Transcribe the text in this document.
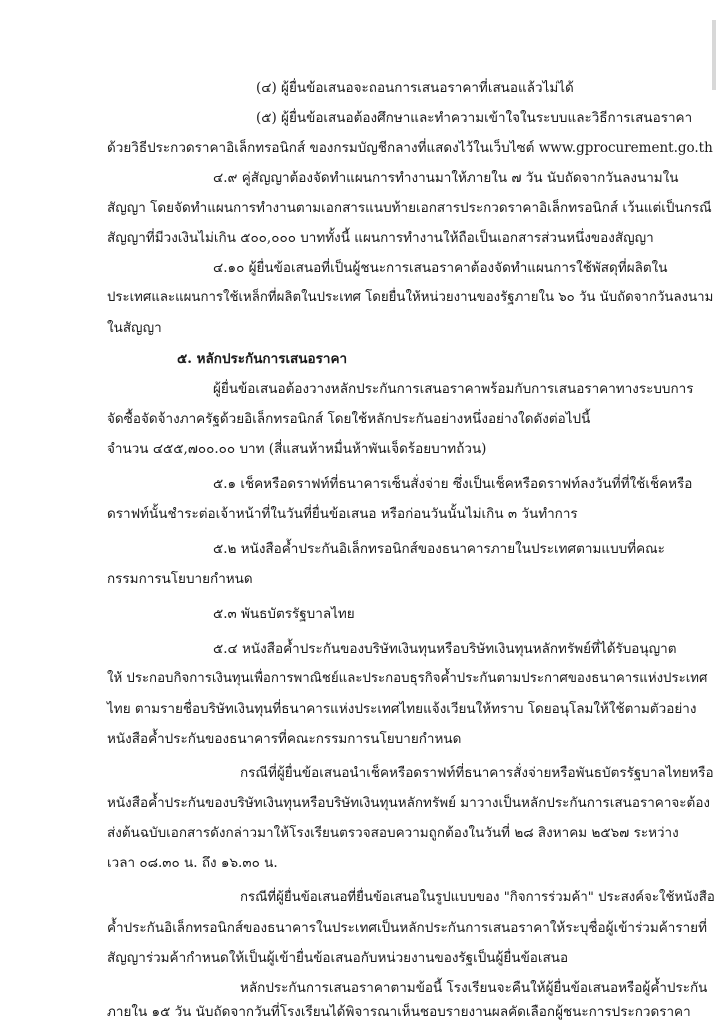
(๔) ผู้ยื่นข้อเสนอจะถอนการเสนอราคาที่เสนอแล้วไม่ได้
(๕) ผู้ยื่นข้อเสนอต้องศึกษาและทำความเข้าใจในระบบและวิธีการเสนอราคา
ด้วยวิธีประกวดราคาอิเล็กทรอนิกส์ ของกรมบัญชีกลางที่แสดงไว้ในเว็บไซต์ www.gprocurement.go.th
๔.๙ คู่สัญญาต้องจัดทำแผนการทำงานมาให้ภายใน ๗ วัน นับถัดจากวันลงนามใน
สัญญา โดยจัดทำแผนการทำงานตามเอกสารแนบท้ายเอกสารประกวดราคาอิเล็กทรอนิกส์ เว้นแต่เป็นกรณี
สัญญาที่มีวงเงินไม่เกิน ๕๐๐,๐๐๐ บาททั้งนี้ แผนการทำงานให้ถือเป็นเอกสารส่วนหนึ่งของสัญญา
๔.๑๐ ผู้ยื่นข้อเสนอที่เป็นผู้ชนะการเสนอราคาต้องจัดทำแผนการใช้พัสดุที่ผลิตใน
ประเทศและแผนการใช้เหล็กที่ผลิตในประเทศ โดยยื่นให้หน่วยงานของรัฐภายใน ๖๐ วัน นับถัดจากวันลงนาม
ในสัญญา
๕. หลักประกันการเสนอราคา
ผู้ยื่นข้อเสนอต้องวางหลักประกันการเสนอราคาพร้อมกับการเสนอราคาทางระบบการ
จัดซื้อจัดจ้างภาครัฐด้วยอิเล็กทรอนิกส์ โดยใช้หลักประกันอย่างหนึ่งอย่างใดดังต่อไปนี้
จำนวน ๔๕๕,๗๐๐.๐๐ บาท (สี่แสนห้าหมื่นห้าพันเจ็ดร้อยบาทถ้วน)
๕.๑ เช็คหรือดราฟท์ที่ธนาคารเซ็นสั่งจ่าย ซึ่งเป็นเช็คหรือดราฟท์ลงวันที่ที่ใช้เช็คหรือ
ดราฟท์นั้นชำระต่อเจ้าหน้าที่ในวันที่ยื่นข้อเสนอ หรือก่อนวันนั้นไม่เกิน ๓ วันทำการ
๕.๒ หนังสือค้ำประกันอิเล็กทรอนิกส์ของธนาคารภายในประเทศตามแบบที่คณะ
กรรมการนโยบายกำหนด
๕.๓ พันธบัตรรัฐบาลไทย
๕.๔ หนังสือค้ำประกันของบริษัทเงินทุนหรือบริษัทเงินทุนหลักทรัพย์ที่ได้รับอนุญาต
ให้ ประกอบกิจการเงินทุนเพื่อการพาณิชย์และประกอบธุรกิจค้ำประกันตามประกาศของธนาคารแห่งประเทศ
ไทย ตามรายชื่อบริษัทเงินทุนที่ธนาคารแห่งประเทศไทยแจ้งเวียนให้ทราบ โดยอนุโลมให้ใช้ตามตัวอย่าง
หนังสือค้ำประกันของธนาคารที่คณะกรรมการนโยบายกำหนด
กรณีที่ผู้ยื่นข้อเสนอนำเช็คหรือดราฟท์ที่ธนาคารสั่งจ่ายหรือพันธบัตรรัฐบาลไทยหรือ
หนังสือค้ำประกันของบริษัทเงินทุนหรือบริษัทเงินทุนหลักทรัพย์ มาวางเป็นหลักประกันการเสนอราคาจะต้อง
ส่งต้นฉบับเอกสารดังกล่าวมาให้โรงเรียนตรวจสอบความถูกต้องในวันที่ ๒๘ สิงหาคม ๒๕๖๗ ระหว่าง
เวลา ๐๘.๓๐ น. ถึง ๑๖.๓๐ น.
กรณีที่ผู้ยื่นข้อเสนอที่ยื่นข้อเสนอในรูปแบบของ "กิจการร่วมค้า" ประสงค์จะใช้หนังสือ
ค้ำประกันอิเล็กทรอนิกส์ของธนาคารในประเทศเป็นหลักประกันการเสนอราคาให้ระบุชื่อผู้เข้าร่วมค้ารายที่
สัญญาร่วมค้ากำหนดให้เป็นผู้เข้ายื่นข้อเสนอกับหน่วยงานของรัฐเป็นผู้ยื่นข้อเสนอ
หลักประกันการเสนอราคาตามข้อนี้ โรงเรียนจะคืนให้ผู้ยื่นข้อเสนอหรือผู้ค้ำประกัน
ภายใน ๑๕ วัน นับถัดจากวันที่โรงเรียนได้พิจารณาเห็นชอบรายงานผลคัดเลือกผู้ชนะการประกวดราคา
